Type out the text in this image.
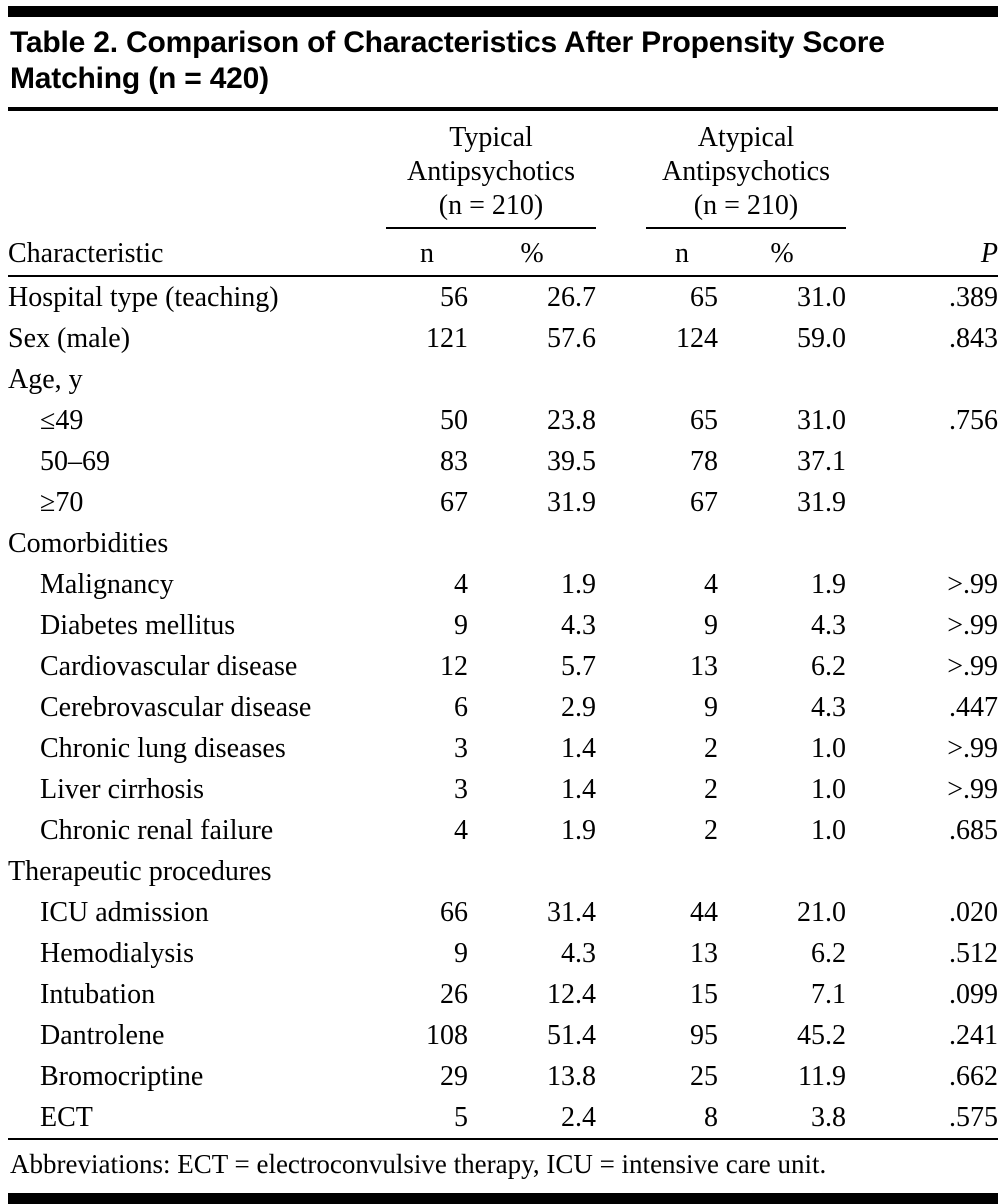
Table 2. Comparison of Characteristics After Propensity Score Matching (n = 420)

	Typical Antipsychotics (n = 210)			Atypical Antipsychotics (n = 210)		

Characteristic	n	%		n	%	P
Hospital type (teaching)	56	26.7		65	31.0	.389
Sex (male)	121	57.6		124	59.0	.843
Age, y						
≤49	50	23.8		65	31.0	.756
50–69	83	39.5		78	37.1	
≥70	67	31.9		67	31.9	
Comorbidities						
Malignancy	4	1.9		4	1.9	>.99
Diabetes mellitus	9	4.3		9	4.3	>.99
Cardiovascular disease	12	5.7		13	6.2	>.99
Cerebrovascular disease	6	2.9		9	4.3	.447
Chronic lung diseases	3	1.4		2	1.0	>.99
Liver cirrhosis	3	1.4		2	1.0	>.99
Chronic renal failure	4	1.9		2	1.0	.685
Therapeutic procedures						
ICU admission	66	31.4		44	21.0	.020
Hemodialysis	9	4.3		13	6.2	.512
Intubation	26	12.4		15	7.1	.099
Dantrolene	108	51.4		95	45.2	.241
Bromocriptine	29	13.8		25	11.9	.662
ECT	5	2.4		8	3.8	.575
Abbreviations: ECT = electroconvulsive therapy, ICU = intensive care unit.
